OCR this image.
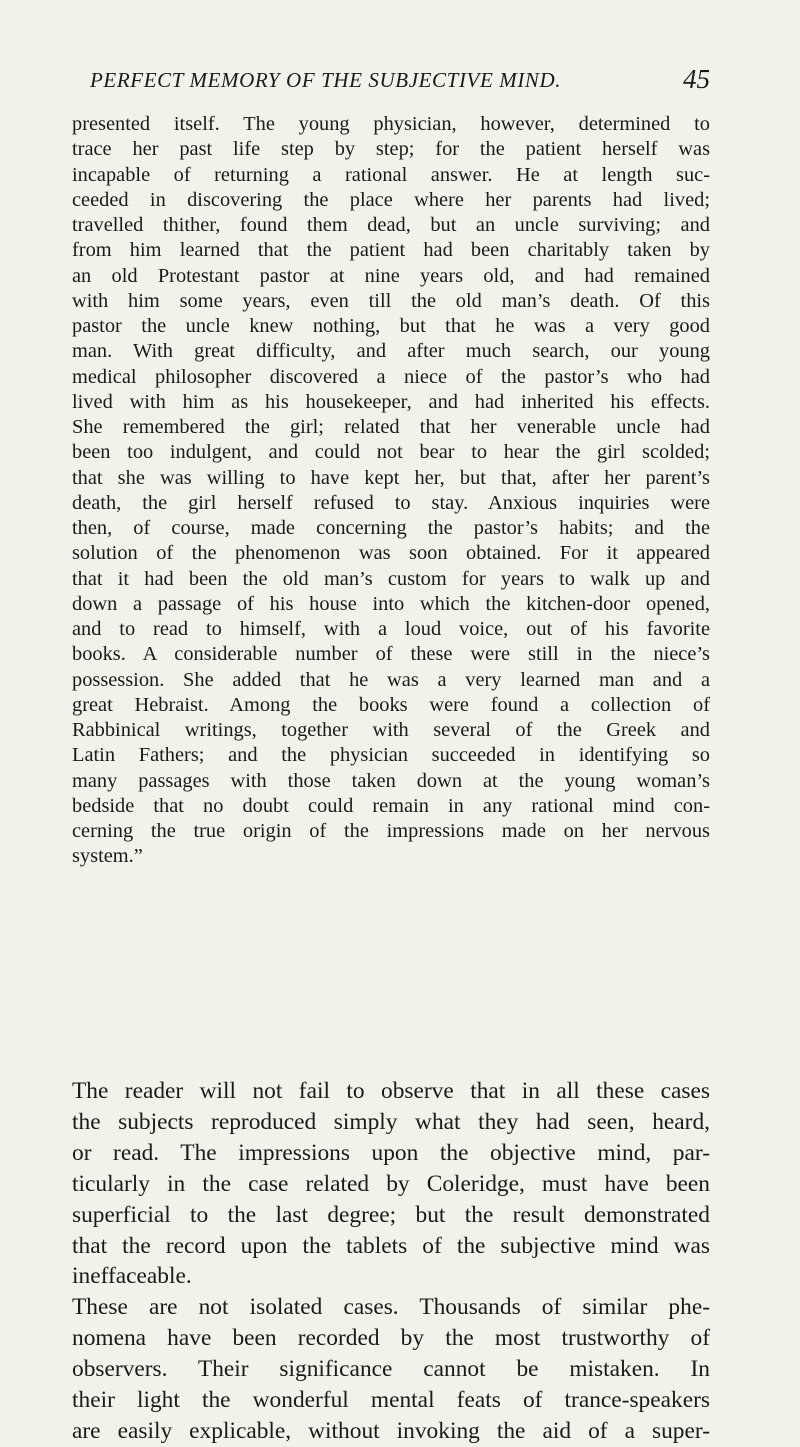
PERFECT MEMORY OF THE SUBJECTIVE MIND.	45
presented itself. The young physician, however, determined to
trace her past life step by step; for the patient herself was
incapable of returning a rational answer. He at length suc-
ceeded in discovering the place where her parents had lived;
travelled thither, found them dead, but an uncle surviving; and
from him learned that the patient had been charitably taken by
an old Protestant pastor at nine years old, and had remained
with him some years, even till the old man’s death. Of this
pastor the uncle knew nothing, but that he was a very good
man. With great difficulty, and after much search, our young
medical philosopher discovered a niece of the pastor’s who had
lived with him as his housekeeper, and had inherited his effects.
She remembered the girl; related that her venerable uncle had
been too indulgent, and could not bear to hear the girl scolded;
that she was willing to have kept her, but that, after her parent’s
death, the girl herself refused to stay. Anxious inquiries were
then, of course, made concerning the pastor’s habits; and the
solution of the phenomenon was soon obtained. For it appeared
that it had been the old man’s custom for years to walk up and
down a passage of his house into which the kitchen-door opened,
and to read to himself, with a loud voice, out of his favorite
books. A considerable number of these were still in the niece’s
possession. She added that he was a very learned man and a
great Hebraist. Among the books were found a collection of
Rabbinical writings, together with several of the Greek and
Latin Fathers; and the physician succeeded in identifying so
many passages with those taken down at the young woman’s
bedside that no doubt could remain in any rational mind con-
cerning the true origin of the impressions made on her nervous
system.”
The reader will not fail to observe that in all these cases
the subjects reproduced simply what they had seen, heard,
or read. The impressions upon the objective mind, par-
ticularly in the case related by Coleridge, must have been
superficial to the last degree; but the result demonstrated
that the record upon the tablets of the subjective mind was
ineffaceable.
These are not isolated cases. Thousands of similar phe-
nomena have been recorded by the most trustworthy of
observers. Their significance cannot be mistaken. In
their light the wonderful mental feats of trance-speakers
are easily explicable, without invoking the aid of a super-
